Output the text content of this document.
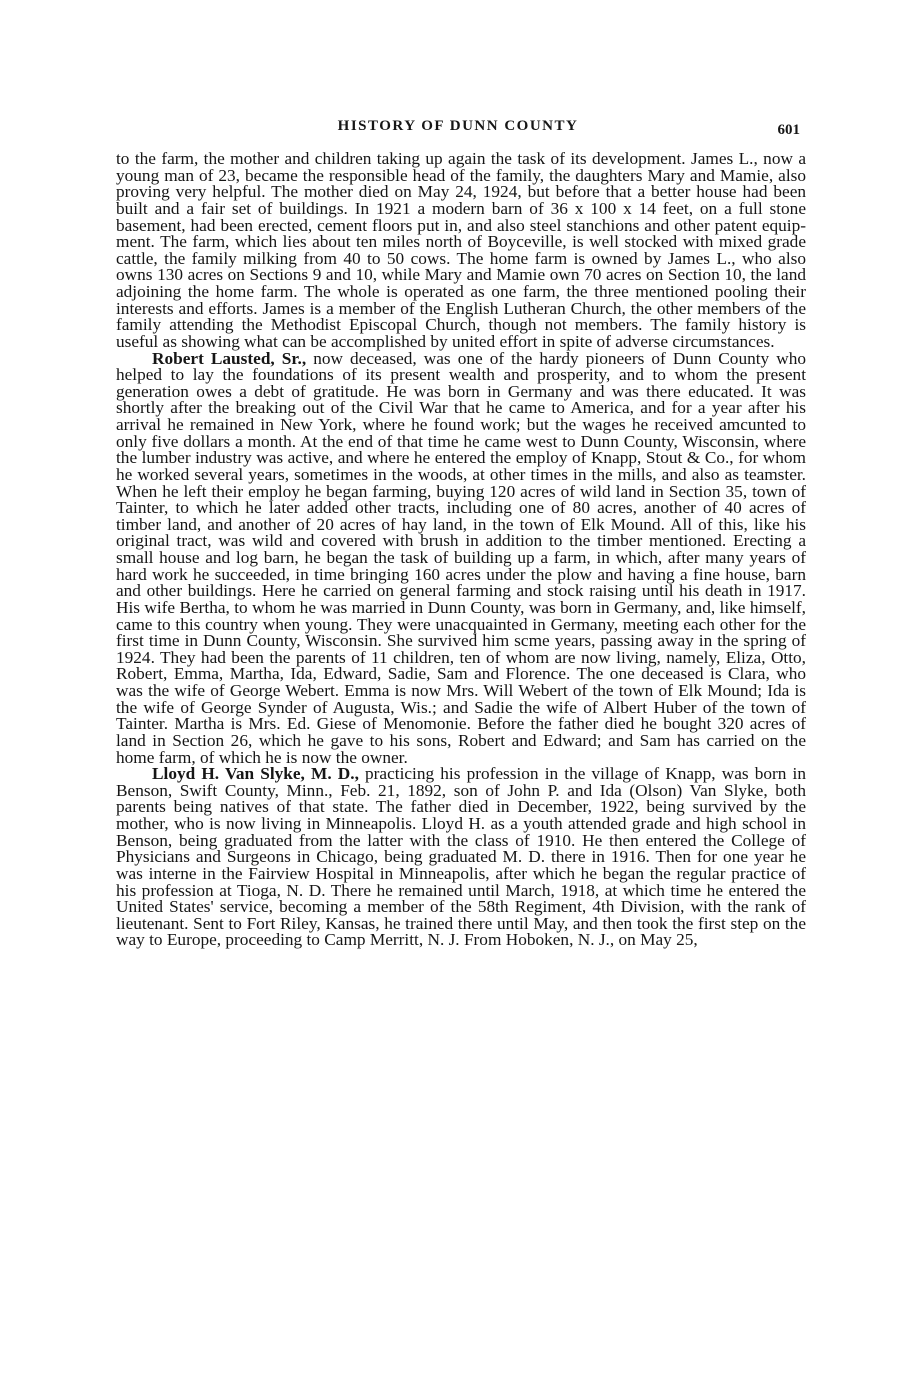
HISTORY OF DUNN COUNTY	601

to the farm, the mother and children taking up again the task of its development. James L., now a young man of 23, became the responsible head of the family, the daughters Mary and Mamie, also proving very helpful. The mother died on May 24, 1924, but before that a better house had been built and a fair set of buildings. In 1921 a modern barn of 36 x 100 x 14 feet, on a full stone basement, had been erected, cement floors put in, and also steel stanchions and other patent equipment. The farm, which lies about ten miles north of Boyceville, is well stocked with mixed grade cattle, the family milking from 40 to 50 cows. The home farm is owned by James L., who also owns 130 acres on Sections 9 and 10, while Mary and Mamie own 70 acres on Section 10, the land adjoining the home farm. The whole is operated as one farm, the three mentioned pooling their interests and efforts. James is a member of the English Lutheran Church, the other members of the family attending the Methodist Episcopal Church, though not members. The family history is useful as showing what can be accomplished by united effort in spite of adverse circumstances.

Robert Lausted, Sr., now deceased, was one of the hardy pioneers of Dunn County who helped to lay the foundations of its present wealth and prosperity, and to whom the present generation owes a debt of gratitude. He was born in Germany and was there educated. It was shortly after the breaking out of the Civil War that he came to America, and for a year after his arrival he remained in New York, where he found work; but the wages he received amcunted to only five dollars a month. At the end of that time he came west to Dunn County, Wisconsin, where the lumber industry was active, and where he entered the employ of Knapp, Stout & Co., for whom he worked several years, sometimes in the woods, at other times in the mills, and also as teamster. When he left their employ he began farming, buying 120 acres of wild land in Section 35, town of Tainter, to which he later added other tracts, including one of 80 acres, another of 40 acres of timber land, and another of 20 acres of hay land, in the town of Elk Mound. All of this, like his original tract, was wild and covered with brush in addition to the timber mentioned. Erecting a small house and log barn, he began the task of building up a farm, in which, after many years of hard work he succeeded, in time bringing 160 acres under the plow and having a fine house, barn and other buildings. Here he carried on general farming and stock raising until his death in 1917. His wife Bertha, to whom he was married in Dunn County, was born in Germany, and, like himself, came to this country when young. They were unacquainted in Germany, meeting each other for the first time in Dunn County, Wisconsin. She survived him scme years, passing away in the spring of 1924. They had been the parents of 11 children, ten of whom are now living, namely, Eliza, Otto, Robert, Emma, Martha, Ida, Edward, Sadie, Sam and Florence. The one deceased is Clara, who was the wife of George Webert. Emma is now Mrs. Will Webert of the town of Elk Mound; Ida is the wife of George Synder of Augusta, Wis.; and Sadie the wife of Albert Huber of the town of Tainter. Martha is Mrs. Ed. Giese of Menomonie. Before the father died he bought 320 acres of land in Section 26, which he gave to his sons, Robert and Edward; and Sam has carried on the home farm, of which he is now the owner.

Lloyd H. Van Slyke, M. D., practicing his profession in the village of Knapp, was born in Benson, Swift County, Minn., Feb. 21, 1892, son of John P. and Ida (Olson) Van Slyke, both parents being natives of that state. The father died in December, 1922, being survived by the mother, who is now living in Minneapolis. Lloyd H. as a youth attended grade and high school in Benson, being graduated from the latter with the class of 1910. He then entered the College of Physicians and Surgeons in Chicago, being graduated M. D. there in 1916. Then for one year he was interne in the Fairview Hospital in Minneapolis, after which he began the regular practice of his profession at Tioga, N. D. There he remained until March, 1918, at which time he entered the United States' service, becoming a member of the 58th Regiment, 4th Division, with the rank of lieutenant. Sent to Fort Riley, Kansas, he trained there until May, and then took the first step on the way to Europe, proceeding to Camp Merritt, N. J. From Hoboken, N. J., on May 25,
